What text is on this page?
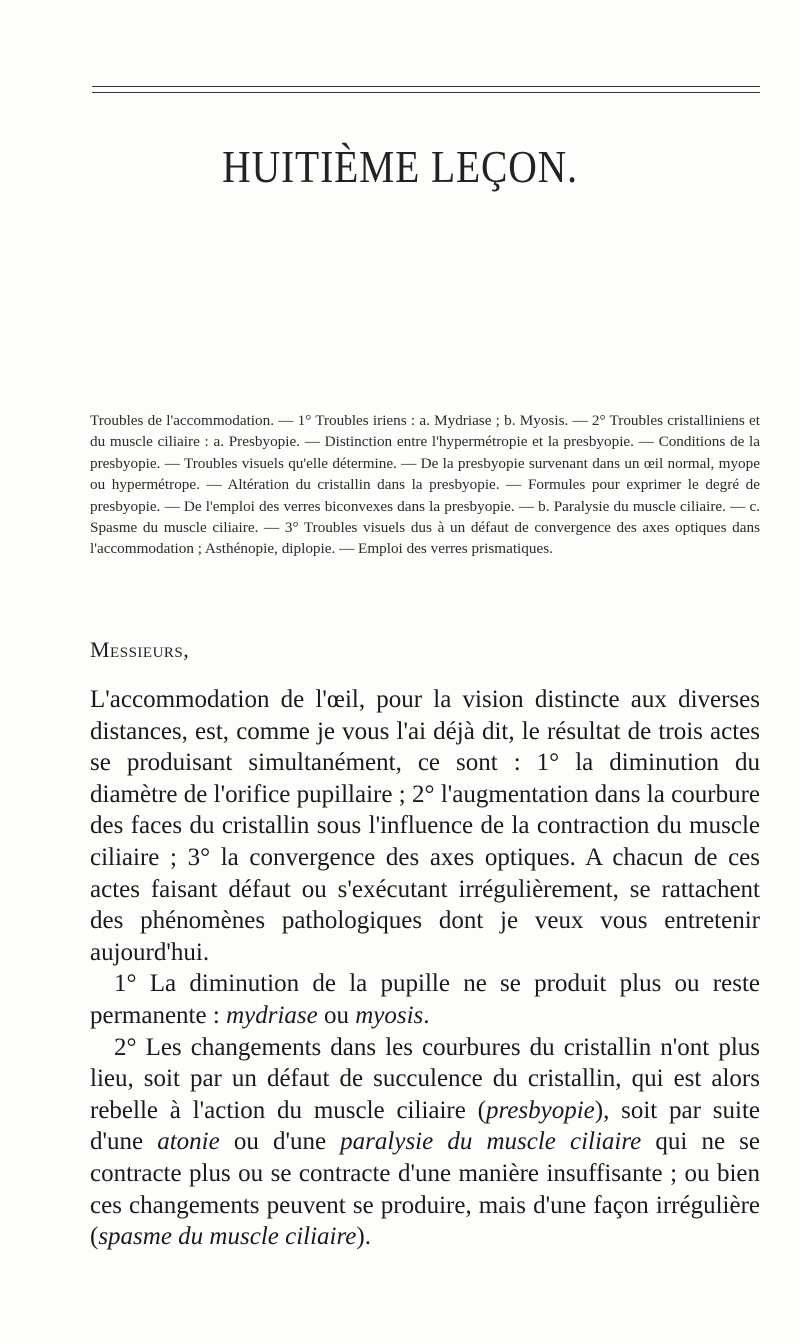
HUITIÈME LEÇON.
Troubles de l'accommodation. — 1° Troubles iriens : a. Mydriase ; b. Myosis. — 2° Troubles cristalliniens et du muscle ciliaire : a. Presbyopie. — Distinction entre l'hypermétropie et la presbyopie. — Conditions de la presbyopie. — Troubles visuels qu'elle détermine. — De la presbyopie survenant dans un œil normal, myope ou hypermétrope. — Altération du cristallin dans la presbyopie. — Formules pour exprimer le degré de presbyopie. — De l'emploi des verres biconvexes dans la presbyopie. — b. Paralysie du muscle ciliaire. — c. Spasme du muscle ciliaire. — 3° Troubles visuels dus à un défaut de convergence des axes optiques dans l'accommodation ; Asthénopie, diplopie. — Emploi des verres prismatiques.
Messieurs,

L'accommodation de l'œil, pour la vision distincte aux diverses distances, est, comme je vous l'ai déjà dit, le résultat de trois actes se produisant simultanément, ce sont : 1° la diminution du diamètre de l'orifice pupillaire ; 2° l'augmentation dans la courbure des faces du cristallin sous l'influence de la contraction du muscle ciliaire ; 3° la convergence des axes optiques. A chacun de ces actes faisant défaut ou s'exécutant irrégulièrement, se rattachent des phénomènes pathologiques dont je veux vous entretenir aujourd'hui.

1° La diminution de la pupille ne se produit plus ou reste permanente : mydriase ou myosis.

2° Les changements dans les courbures du cristallin n'ont plus lieu, soit par un défaut de succulence du cristallin, qui est alors rebelle à l'action du muscle ciliaire (presbyopie), soit par suite d'une atonie ou d'une paralysie du muscle ciliaire qui ne se contracte plus ou se contracte d'une manière insuffisante ; ou bien ces changements peuvent se produire, mais d'une façon irrégulière (spasme du muscle ciliaire).
